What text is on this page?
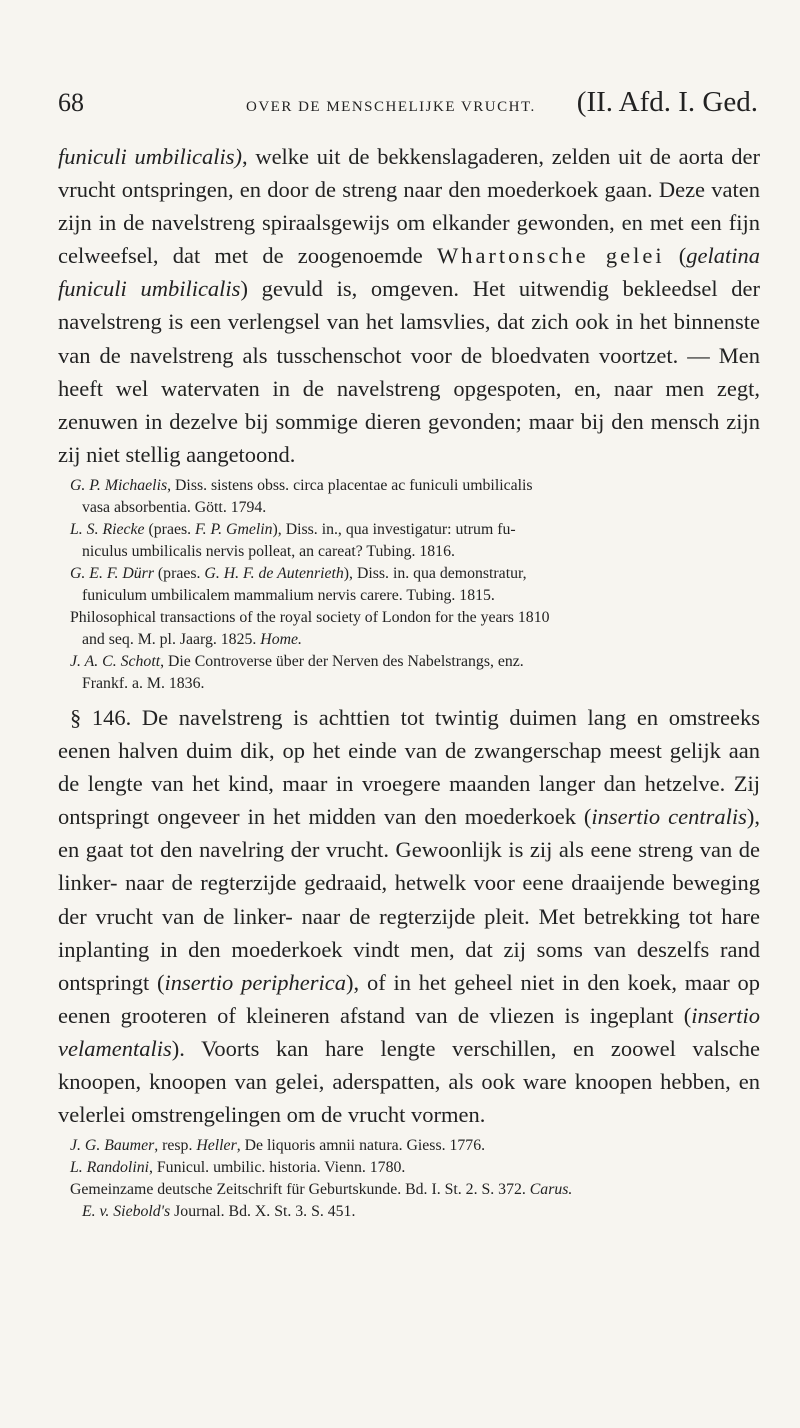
68	OVER DE MENSCHELIJKE VRUCHT.	(II. Afd. I. Ged.

funiculi umbilicalis), welke uit de bekkenslagaderen, zelden uit de aorta der vrucht ontspringen, en door de streng naar den moederkoek gaan. Deze vaten zijn in de navelstreng spiraalsgewijs om elkander gewonden, en met een fijn celweefsel, dat met de zoogenoemde Whartonsche gelei (gelatina funiculi umbilicalis) gevuld is, omgeven. Het uitwendig bekleedsel der navelstreng is een verlengsel van het lamsvlies, dat zich ook in het binnenste van de navelstreng als tusschenschot voor de bloedvaten voortzet. — Men heeft wel watervaten in de navelstreng opgespoten, en, naar men zegt, zenuwen in dezelve bij sommige dieren gevonden; maar bij den mensch zijn zij niet stellig aangetoond.

G. P. Michaelis, Diss. sistens obss. circa placentae ac funiculi umbilicalis
vasa absorbentia. Gött. 1794.
L. S. Riecke (praes. F. P. Gmelin), Diss. in., qua investigatur: utrum fu-
niculus umbilicalis nervis polleat, an careat? Tubing. 1816.
G. E. F. Dürr (praes. G. H. F. de Autenrieth), Diss. in. qua demonstratur,
funiculum umbilicalem mammalium nervis carere. Tubing. 1815.
Philosophical transactions of the royal society of London for the years 1810
and seq. M. pl. Jaarg. 1825. Home.
J. A. C. Schott, Die Controverse über der Nerven des Nabelstrangs, enz.
Frankf. a. M. 1836.

§ 146. De navelstreng is achttien tot twintig duimen lang en omstreeks eenen halven duim dik, op het einde van de zwangerschap meest gelijk aan de lengte van het kind, maar in vroegere maanden langer dan hetzelve. Zij ontspringt ongeveer in het midden van den moederkoek (insertio centralis), en gaat tot den navelring der vrucht. Gewoonlijk is zij als eene streng van de linker- naar de regterzijde gedraaid, hetwelk voor eene draaijende beweging der vrucht van de linker- naar de regterzijde pleit. Met betrekking tot hare inplanting in den moederkoek vindt men, dat zij soms van deszelfs rand ontspringt (insertio peripherica), of in het geheel niet in den koek, maar op eenen grooteren of kleineren afstand van de vliezen is ingeplant (insertio velamentalis). Voorts kan hare lengte verschillen, en zoowel valsche knoopen, knoopen van gelei, aderspatten, als ook ware knoopen hebben, en velerlei omstrengelingen om de vrucht vormen.

J. G. Baumer, resp. Heller, De liquoris amnii natura. Giess. 1776.
L. Randolini, Funicul. umbilic. historia. Vienn. 1780.
Gemeinzame deutsche Zeitschrift für Geburtskunde. Bd. I. St. 2. S. 372. Carus.
E. v. Siebold's Journal. Bd. X. St. 3. S. 451.
